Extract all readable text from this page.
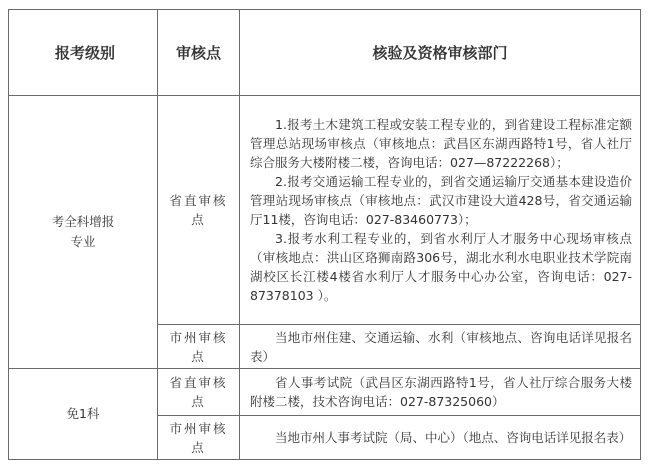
报考级别	审核点	核验及资格审核部门

考全科增报专业	省直审核点	1.报考土木建筑工程或安装工程专业的，到省建设工程标准定额管理总站现场审核点（审核地点：武昌区东湖西路特1号，省人社厅综合服务大楼附楼二楼，咨询电话：027—87222268）；

2.报考交通运输工程专业的，到省交通运输厅交通基本建设造价管理站现场审核点（审核地点：武汉市建设大道428号，省交通运输厅11楼，咨询电话：027-83460773）；

3.报考水利工程专业的，到省水利厅人才服务中心现场审核点（审核地点：洪山区珞狮南路306号，湖北水利水电职业技术学院南湖校区长江楼4楼省水利厅人才服务中心办公室，咨询电话：027-87378103 ）。

	市州审核点	当地市州住建、交通运输、水利（审核地点、咨询电话详见报名表）

免1科	省直审核点	省人事考试院（武昌区东湖西路特1号，省人社厅综合服务大楼附楼二楼，技术咨询电话：027-87325060）

	市州审核点	当地市州人事考试院（局、中心）（地点、咨询电话详见报名表）
